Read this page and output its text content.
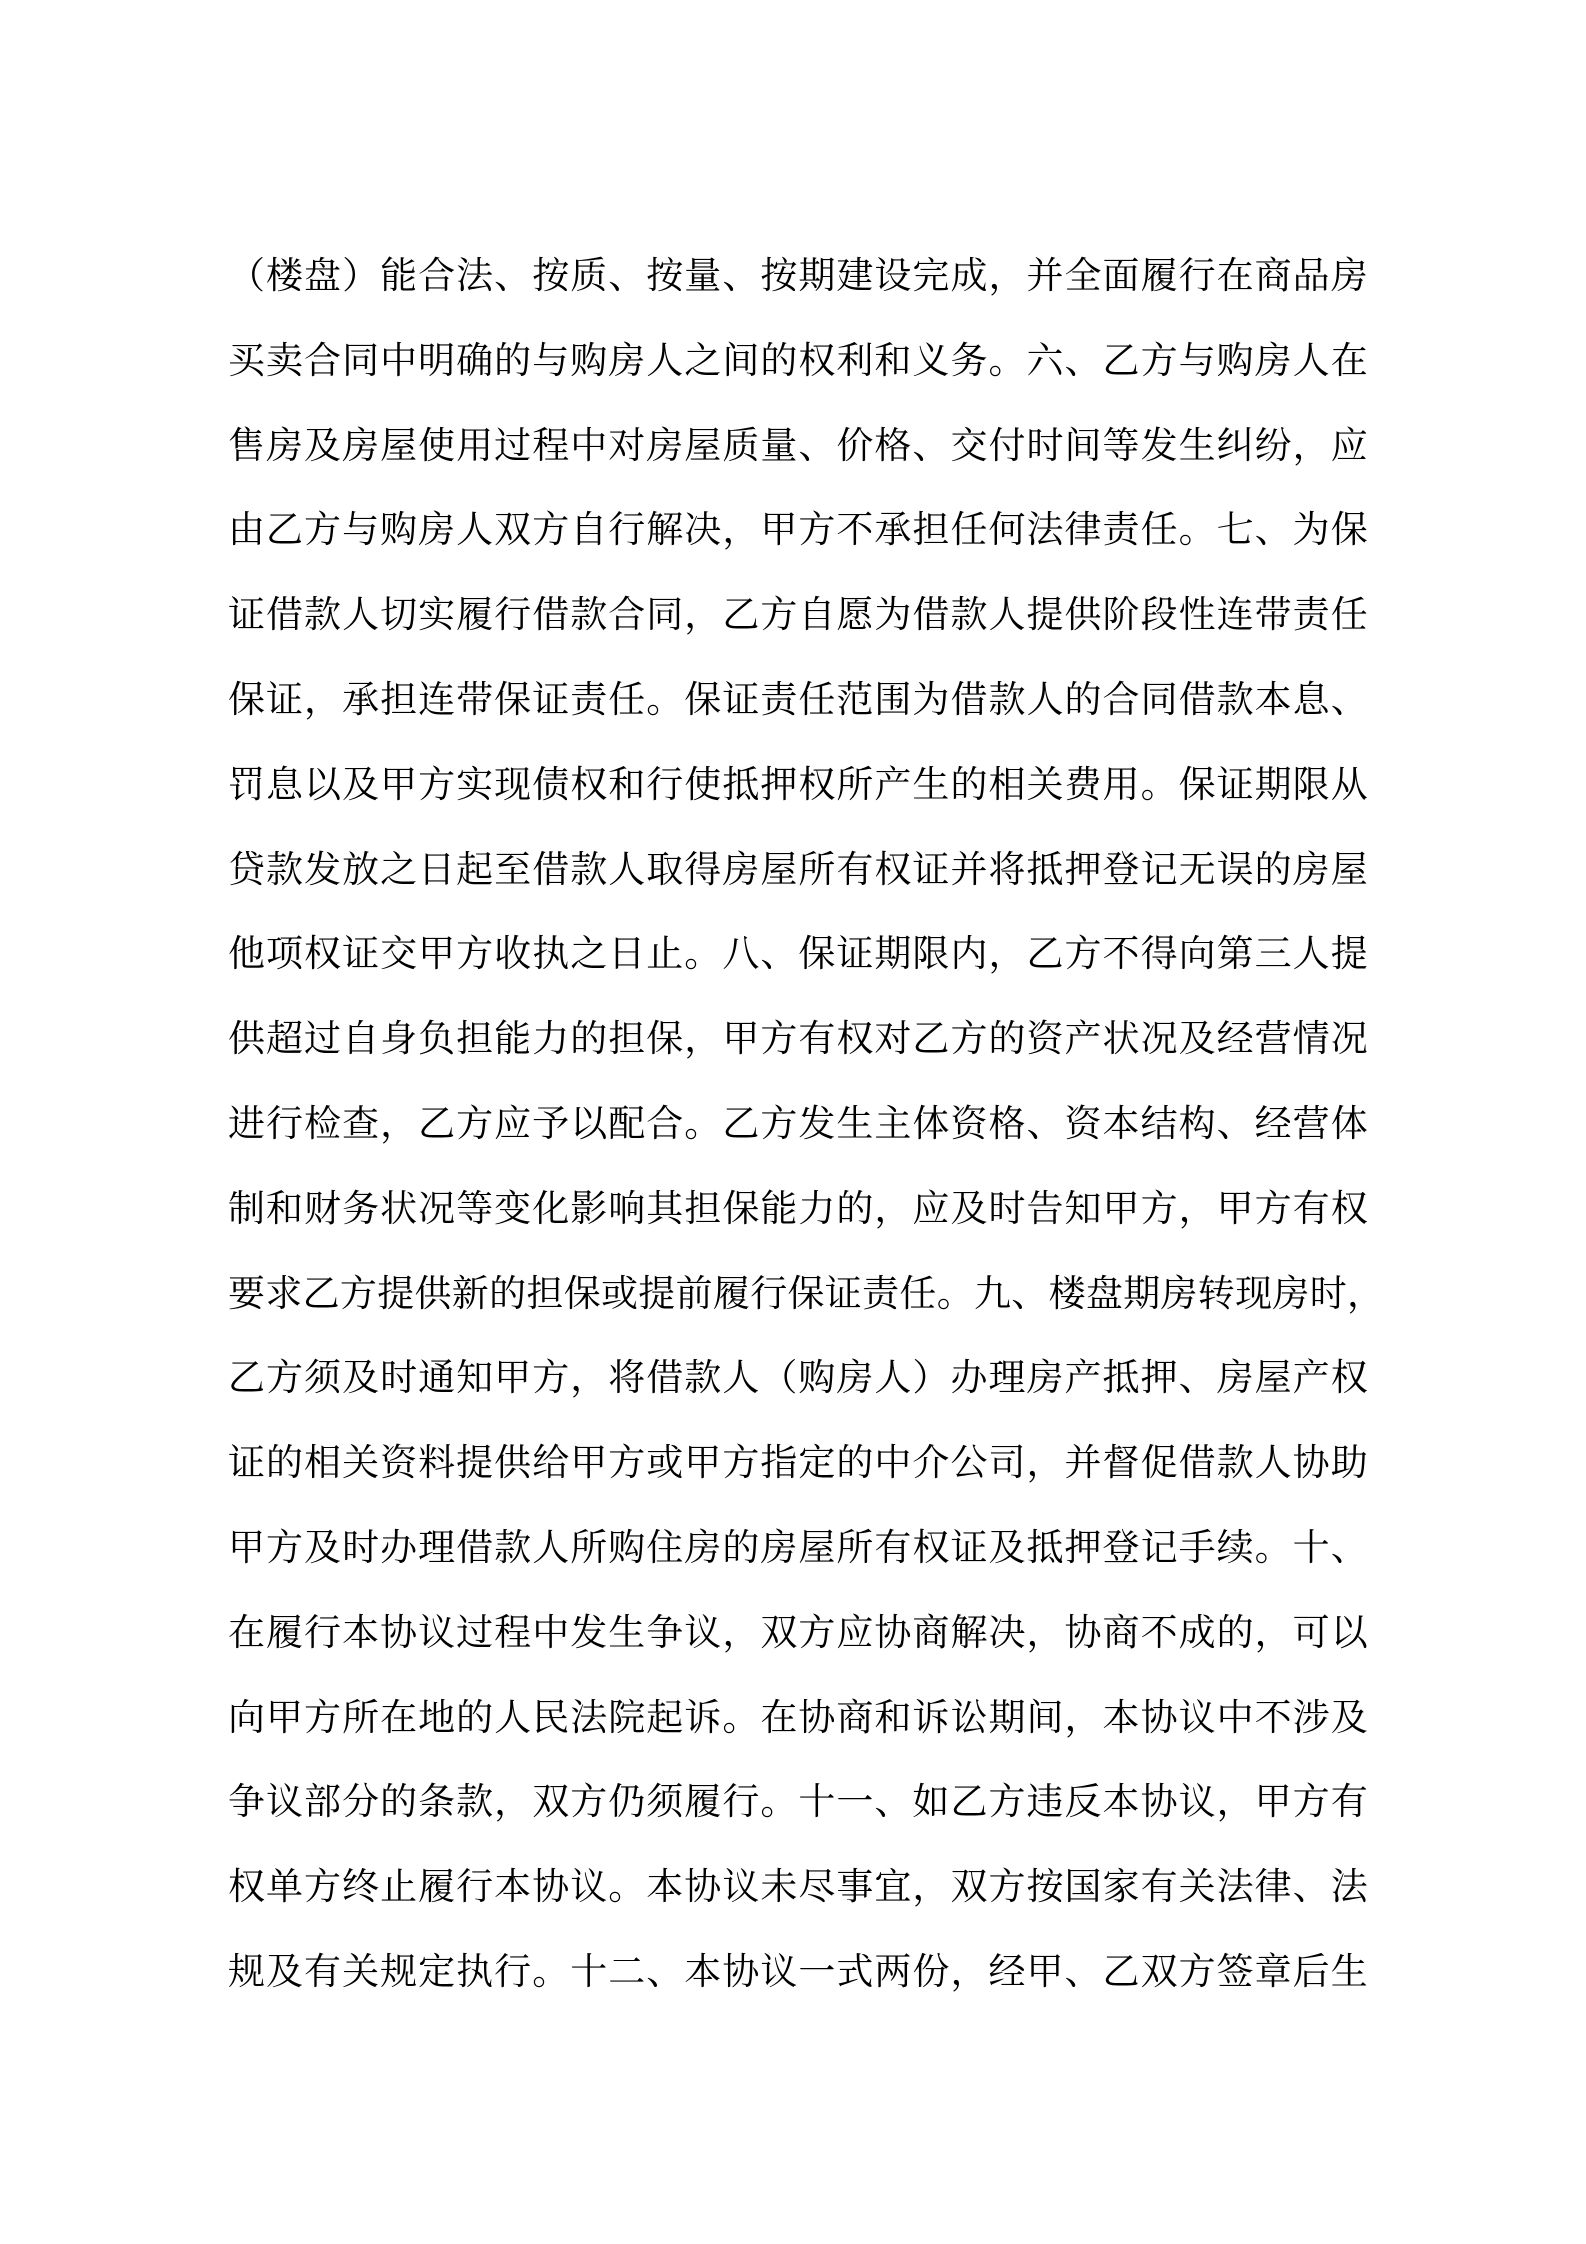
（楼盘）能合法、按质、按量、按期建设完成，并全面履行在商品房
买卖合同中明确的与购房人之间的权利和义务。六、乙方与购房人在
售房及房屋使用过程中对房屋质量、价格、交付时间等发生纠纷，应
由乙方与购房人双方自行解决，甲方不承担任何法律责任。七、为保
证借款人切实履行借款合同，乙方自愿为借款人提供阶段性连带责任
保证，承担连带保证责任。保证责任范围为借款人的合同借款本息、
罚息以及甲方实现债权和行使抵押权所产生的相关费用。保证期限从
贷款发放之日起至借款人取得房屋所有权证并将抵押登记无误的房屋
他项权证交甲方收执之日止。八、保证期限内，乙方不得向第三人提
供超过自身负担能力的担保，甲方有权对乙方的资产状况及经营情况
进行检查，乙方应予以配合。乙方发生主体资格、资本结构、经营体
制和财务状况等变化影响其担保能力的，应及时告知甲方，甲方有权
要求乙方提供新的担保或提前履行保证责任。九、楼盘期房转现房时，
乙方须及时通知甲方，将借款人（购房人）办理房产抵押、房屋产权
证的相关资料提供给甲方或甲方指定的中介公司，并督促借款人协助
甲方及时办理借款人所购住房的房屋所有权证及抵押登记手续。十、
在履行本协议过程中发生争议，双方应协商解决，协商不成的，可以
向甲方所在地的人民法院起诉。在协商和诉讼期间，本协议中不涉及
争议部分的条款，双方仍须履行。十一、如乙方违反本协议，甲方有
权单方终止履行本协议。本协议未尽事宜，双方按国家有关法律、法
规及有关规定执行。十二、本协议一式两份，经甲、乙双方签章后生
